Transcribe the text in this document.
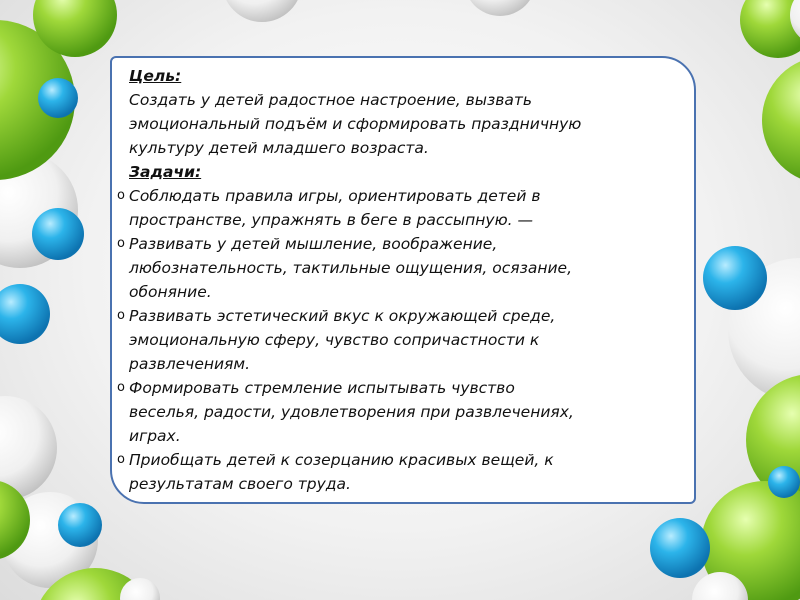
Цель:
Создать у детей радостное настроение, вызвать
эмоциональный подъём и сформировать праздничную
культуру детей младшего возраста.
Задачи:
o Соблюдать правила игры, ориентировать детей в
пространстве, упражнять в беге в рассыпную. —
o Развивать у детей мышление, воображение,
любознательность, тактильные ощущения, осязание,
обоняние.
o Развивать эстетический вкус к окружающей среде,
эмоциональную сферу, чувство сопричастности к
развлечениям.
o Формировать стремление испытывать чувство
веселья, радости, удовлетворения при развлечениях,
играх.
o Приобщать детей к созерцанию красивых вещей, к
результатам своего труда.
